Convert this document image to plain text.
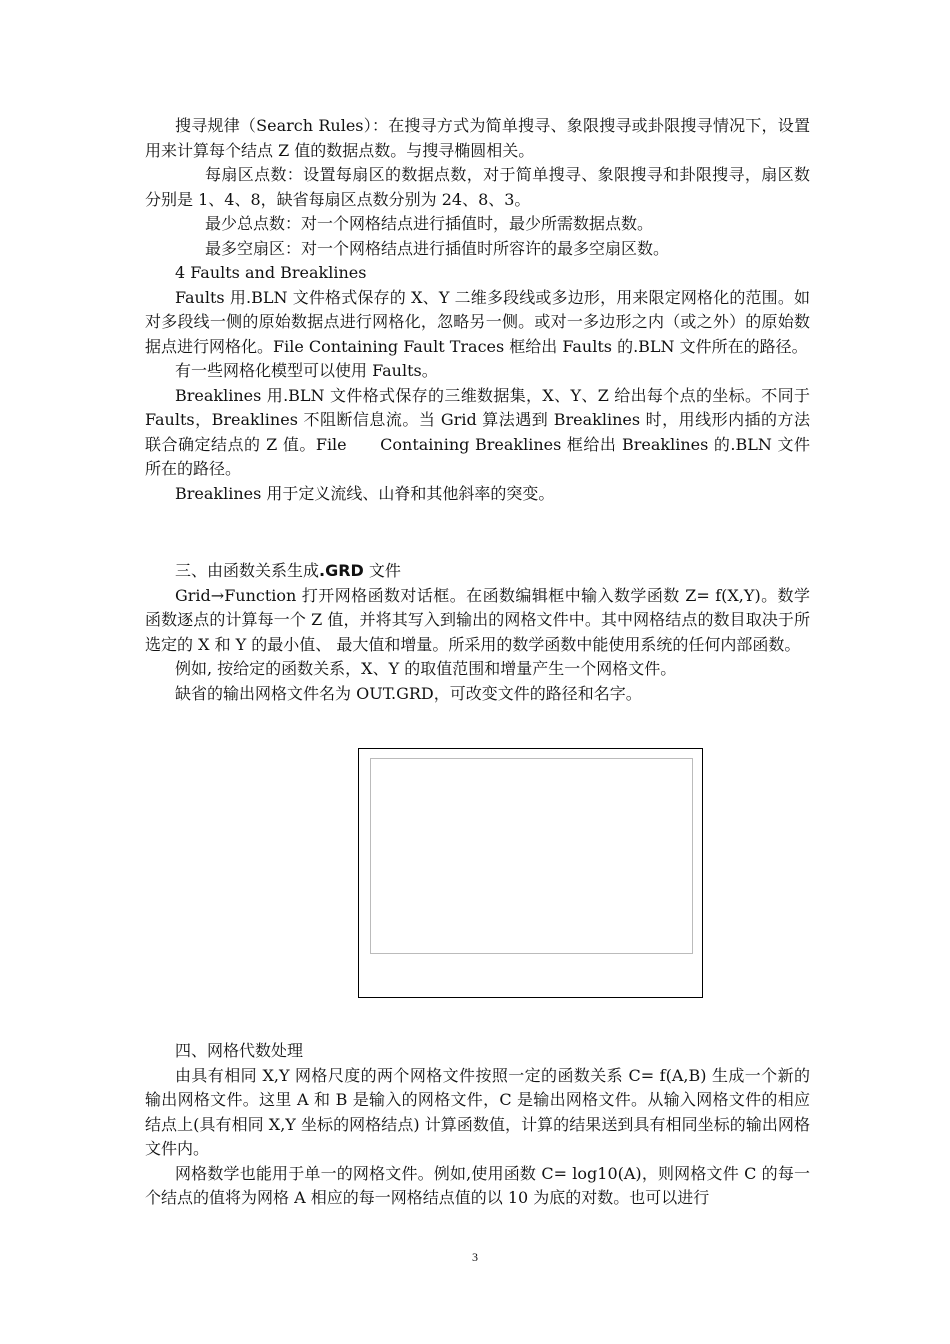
搜寻规律（Search Rules）：在搜寻方式为简单搜寻、象限搜寻或卦限搜寻情况下，设置用来计算每个结点 Z 值的数据点数。与搜寻椭圆相关。

每扇区点数：设置每扇区的数据点数，对于简单搜寻、象限搜寻和卦限搜寻，扇区数分别是 1、4、8，缺省每扇区点数分别为 24、8、3。

最少总点数：对一个网格结点进行插值时，最少所需数据点数。

最多空扇区：对一个网格结点进行插值时所容许的最多空扇区数。

4 Faults and Breaklines

Faults 用.BLN 文件格式保存的 X、Y 二维多段线或多边形，用来限定网格化的范围。如对多段线一侧的原始数据点进行网格化，忽略另一侧。或对一多边形之内（或之外）的原始数据点进行网格化。File Containing Fault Traces 框给出 Faults 的.BLN 文件所在的路径。

有一些网格化模型可以使用 Faults。

Breaklines 用.BLN 文件格式保存的三维数据集，X、Y、Z 给出每个点的坐标。不同于 Faults，Breaklines 不阻断信息流。当 Grid 算法遇到 Breaklines 时，用线形内插的方法联合确定结点的 Z 值。File　　Containing Breaklines 框给出 Breaklines 的.BLN 文件所在的路径。

Breaklines 用于定义流线、山脊和其他斜率的突变。

三、由函数关系生成.GRD 文件

Grid→Function 打开网格函数对话框。在函数编辑框中输入数学函数 Z= f(X,Y)。数学函数逐点的计算每一个 Z 值，并将其写入到输出的网格文件中。其中网格结点的数目取决于所选定的 X 和 Y 的最小值、 最大值和增量。所采用的数学函数中能使用系统的任何内部函数。

例如, 按给定的函数关系，X、Y 的取值范围和增量产生一个网格文件。

缺省的输出网格文件名为 OUT.GRD，可改变文件的路径和名字。

四、网格代数处理

由具有相同 X,Y 网格尺度的两个网格文件按照一定的函数关系 C= f(A,B) 生成一个新的输出网格文件。这里 A 和 B 是输入的网格文件，C 是输出网格文件。从输入网格文件的相应结点上(具有相同 X,Y 坐标的网格结点) 计算函数值，计算的结果送到具有相同坐标的输出网格文件内。

网格数学也能用于单一的网格文件。例如,使用函数 C= log10(A)，则网格文件 C 的每一个结点的值将为网格 A 相应的每一网格结点值的以 10 为底的对数。也可以进行

3
